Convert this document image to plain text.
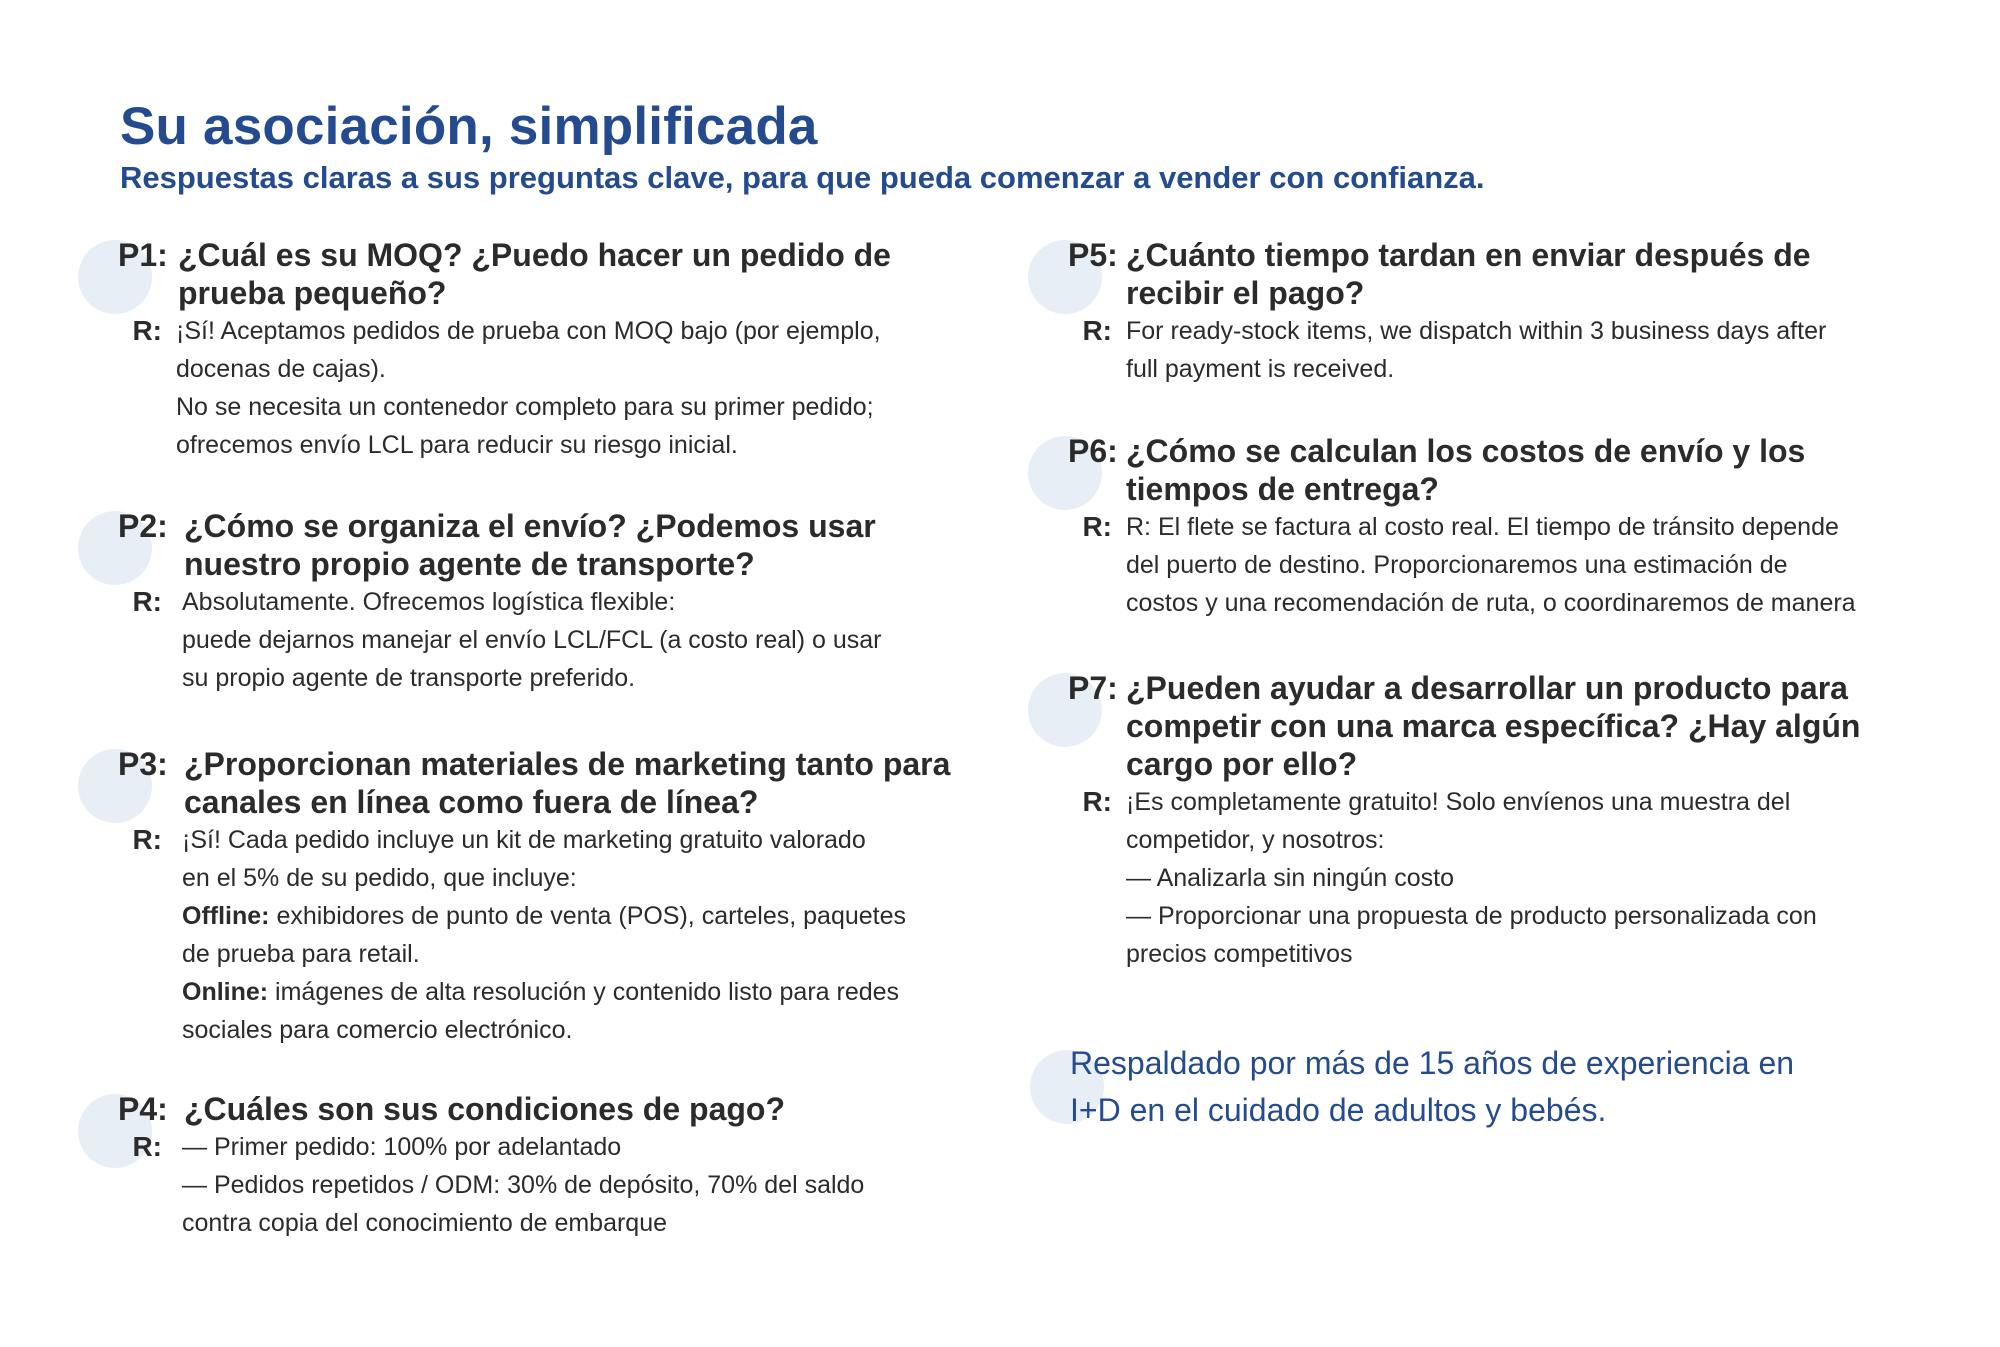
Su asociación, simplificada

Respuestas claras a sus preguntas clave, para que pueda comenzar a vender con confianza.

P1: ¿Cuál es su MOQ? ¿Puedo hacer un pedido de prueba pequeño?
R: ¡Sí! Aceptamos pedidos de prueba con MOQ bajo (por ejemplo,
docenas de cajas).
No se necesita un contenedor completo para su primer pedido;
ofrecemos envío LCL para reducir su riesgo inicial.
P2: ¿Cómo se organiza el envío? ¿Podemos usar nuestro propio agente de transporte?
R: Absolutamente. Ofrecemos logística flexible:
puede dejarnos manejar el envío LCL/FCL (a costo real) o usar
su propio agente de transporte preferido.
P3: ¿Proporcionan materiales de marketing tanto para canales en línea como fuera de línea?
R: ¡Sí! Cada pedido incluye un kit de marketing gratuito valorado
en el 5% de su pedido, que incluye:
Offline: exhibidores de punto de venta (POS), carteles, paquetes
de prueba para retail.
Online: imágenes de alta resolución y contenido listo para redes
sociales para comercio electrónico.
P4: ¿Cuáles son sus condiciones de pago?
R: — Primer pedido: 100% por adelantado
— Pedidos repetidos / ODM: 30% de depósito, 70% del saldo
contra copia del conocimiento de embarque
P5: ¿Cuánto tiempo tardan en enviar después de recibir el pago?
R: For ready-stock items, we dispatch within 3 business days after
full payment is received.
P6: ¿Cómo se calculan los costos de envío y los tiempos de entrega?
R: R: El flete se factura al costo real. El tiempo de tránsito depende
del puerto de destino. Proporcionaremos una estimación de
costos y una recomendación de ruta, o coordinaremos de manera
P7: ¿Pueden ayudar a desarrollar un producto para competir con una marca específica? ¿Hay algún cargo por ello?
R: ¡Es completamente gratuito! Solo envíenos una muestra del
competidor, y nosotros:
— Analizarla sin ningún costo
— Proporcionar una propuesta de producto personalizada con
precios competitivos

Respaldado por más de 15 años de experiencia en
I+D en el cuidado de adultos y bebés.
